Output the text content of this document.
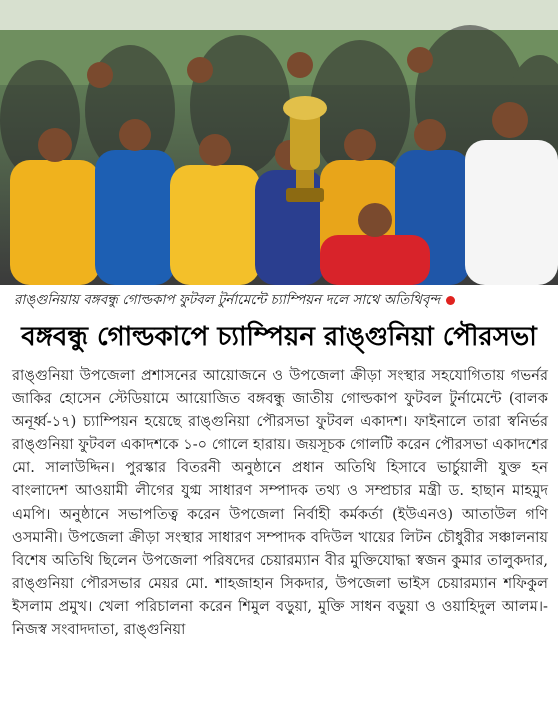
রাঙ্গুনিয়ায় বঙ্গবন্ধু গোল্ডকাপ ফুটবল টুর্নামেন্টে চ্যাম্পিয়ন দলে সাথে অতিথিবৃন্দ
বঙ্গবন্ধু গোল্ডকাপে চ্যাম্পিয়ন রাঙ্গুনিয়া পৌরসভা

রাঙ্গুনিয়া উপজেলা প্রশাসনের আয়োজনে ও উপজেলা ক্রীড়া সংস্থার সহযোগিতায় গভর্নর জাকির হোসেন স্টেডিয়ামে আয়োজিত বঙ্গবন্ধু জাতীয় গোল্ডকাপ ফুটবল টুর্নামেন্টে (বালক অনূর্ধ্ব-১৭) চ্যাম্পিয়ন হয়েছে রাঙ্গুনিয়া পৌরসভা ফুটবল একাদশ। ফাইনালে তারা স্বনির্ভর রাঙ্গুনিয়া ফুটবল একাদশকে ১-০ গোলে হারায়। জয়সূচক গোলটি করেন পৌরসভা একাদশের মো. সালাউদ্দিন। পুরস্কার বিতরনী অনুষ্ঠানে প্রধান অতিথি হিসাবে ভার্চুয়ালী যুক্ত হন বাংলাদেশ আওয়ামী লীগের যুগ্ম সাধারণ সম্পাদক তথ্য ও সম্প্রচার মন্ত্রী ড. হাছান মাহমুদ এমপি। অনুষ্ঠানে সভাপতিত্ব করেন উপজেলা নির্বাহী কর্মকর্তা (ইউএনও) আতাউল গণি ওসমানী। উপজেলা ক্রীড়া সংস্থার সাধারণ সম্পাদক বদিউল খায়ের লিটন চৌধুরীর সঞ্চালনায় বিশেষ অতিথি ছিলেন উপজেলা পরিষদের চেয়ারম্যান বীর মুক্তিযোদ্ধা স্বজন কুমার তালুকদার, রাঙ্গুনিয়া পৌরসভার মেয়র মো. শাহজাহান সিকদার, উপজেলা ভাইস চেয়ারম্যান শফিকুল ইসলাম প্রমুখ। খেলা পরিচালনা করেন শিমুল বড়ুয়া, মুক্তি সাধন বড়ুয়া ও ওয়াহিদুল আলম।-নিজস্ব সংবাদদাতা, রাঙ্গুনিয়া
